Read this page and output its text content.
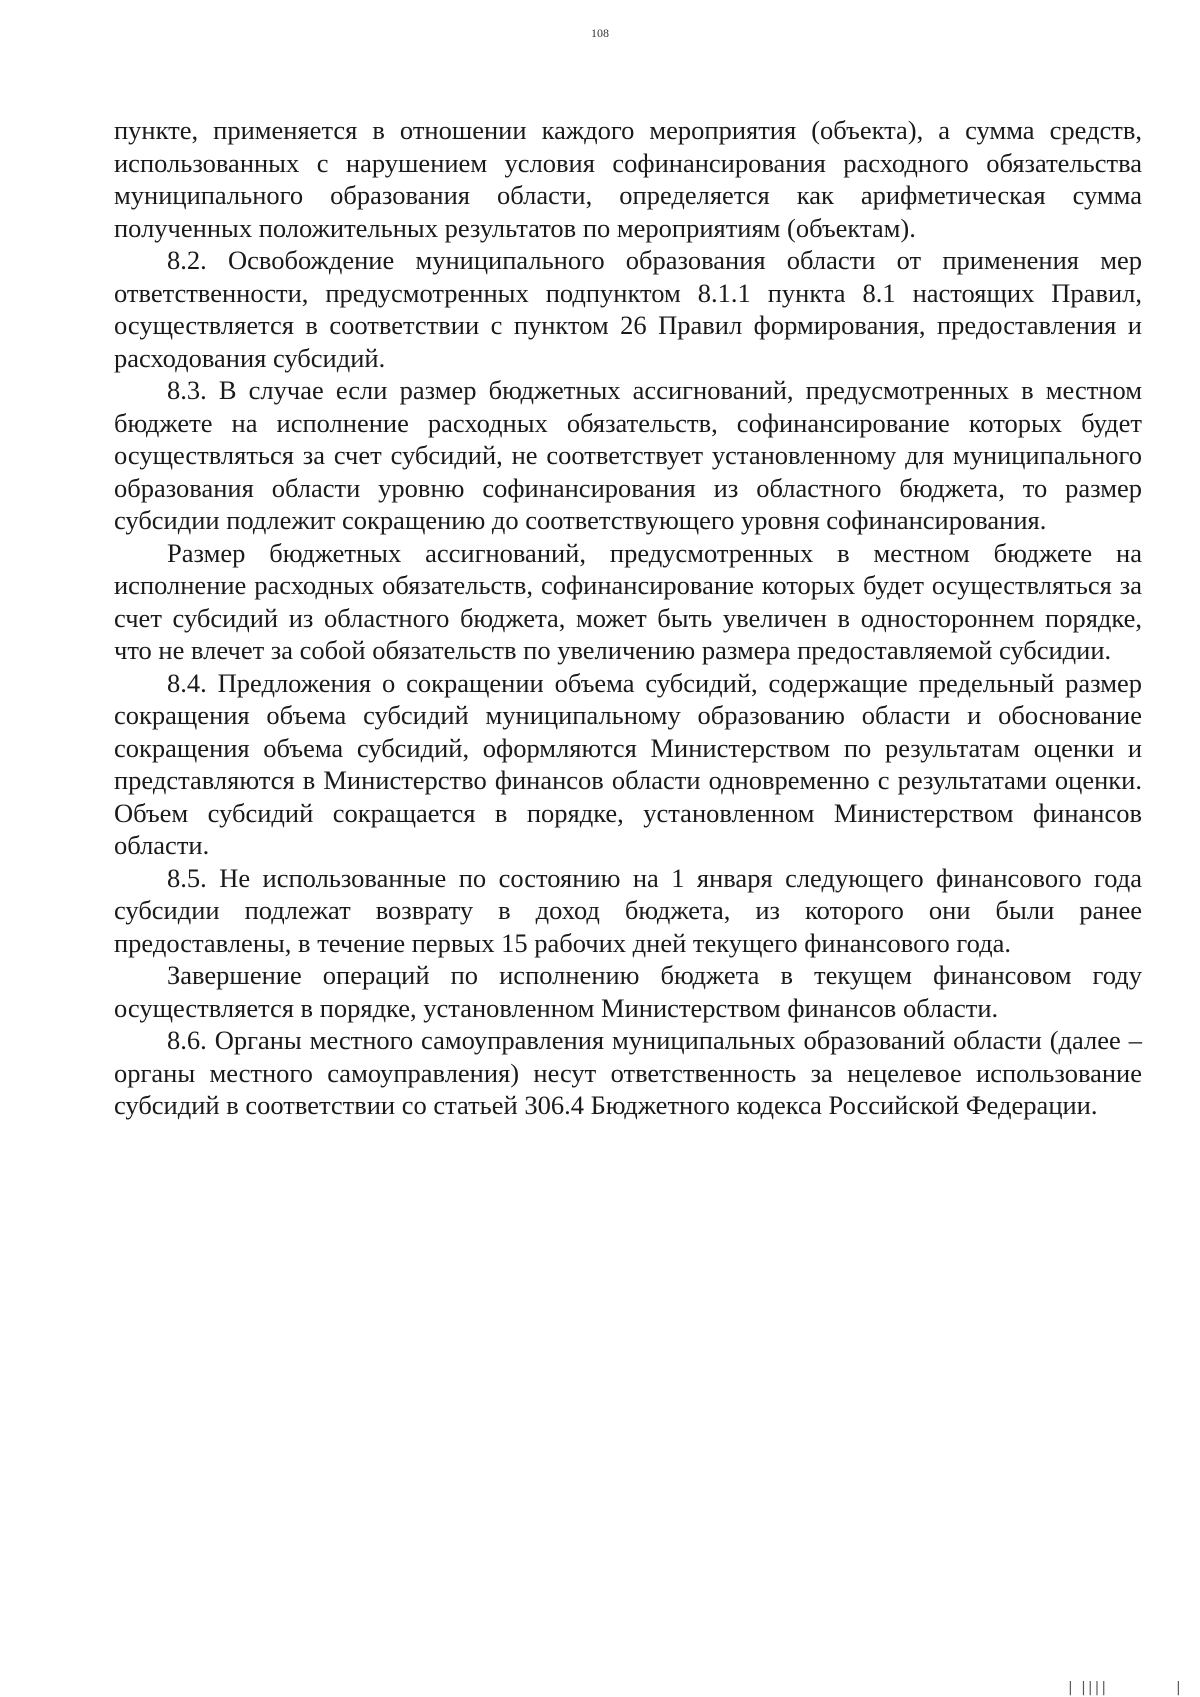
108

пункте, применяется в отношении каждого мероприятия (объекта), а сумма средств, использованных с нарушением условия софинансирования расходного обязательства муниципального образования области, определяется как арифметическая сумма полученных положительных результатов по мероприятиям (объектам).

8.2. Освобождение муниципального образования области от применения мер ответственности, предусмотренных подпунктом 8.1.1 пункта 8.1 настоящих Правил, осуществляется в соответствии с пунктом 26 Правил формирования, предоставления и расходования субсидий.

8.3. В случае если размер бюджетных ассигнований, предусмотренных в местном бюджете на исполнение расходных обязательств, софинансирование которых будет осуществляться за счет субсидий, не соответствует установленному для муниципального образования области уровню софинансирования из областного бюджета, то размер субсидии подлежит сокращению до соответствующего уровня софинансирования.

Размер бюджетных ассигнований, предусмотренных в местном бюджете на исполнение расходных обязательств, софинансирование которых будет осуществляться за счет субсидий из областного бюджета, может быть увеличен в одностороннем порядке, что не влечет за собой обязательств по увеличению размера предоставляемой субсидии.

8.4. Предложения о сокращении объема субсидий, содержащие предельный размер сокращения объема субсидий муниципальному образованию области и обоснование сокращения объема субсидий, оформляются Министерством по результатам оценки и представляются в Министерство финансов области одновременно с результатами оценки. Объем субсидий сокращается в порядке, установленном Министерством финансов области.

8.5. Не использованные по состоянию на 1 января следующего финансового года субсидии подлежат возврату в доход бюджета, из которого они были ранее предоставлены, в течение первых 15 рабочих дней текущего финансового года.

Завершение операций по исполнению бюджета в текущем финансовом году осуществляется в порядке, установленном Министерством финансов области.

8.6. Органы местного самоуправления муниципальных образований области (далее – органы местного самоуправления) несут ответственность за нецелевое использование субсидий в соответствии со статьей 306.4 Бюджетного кодекса Российской Федерации.

| ||||	|
